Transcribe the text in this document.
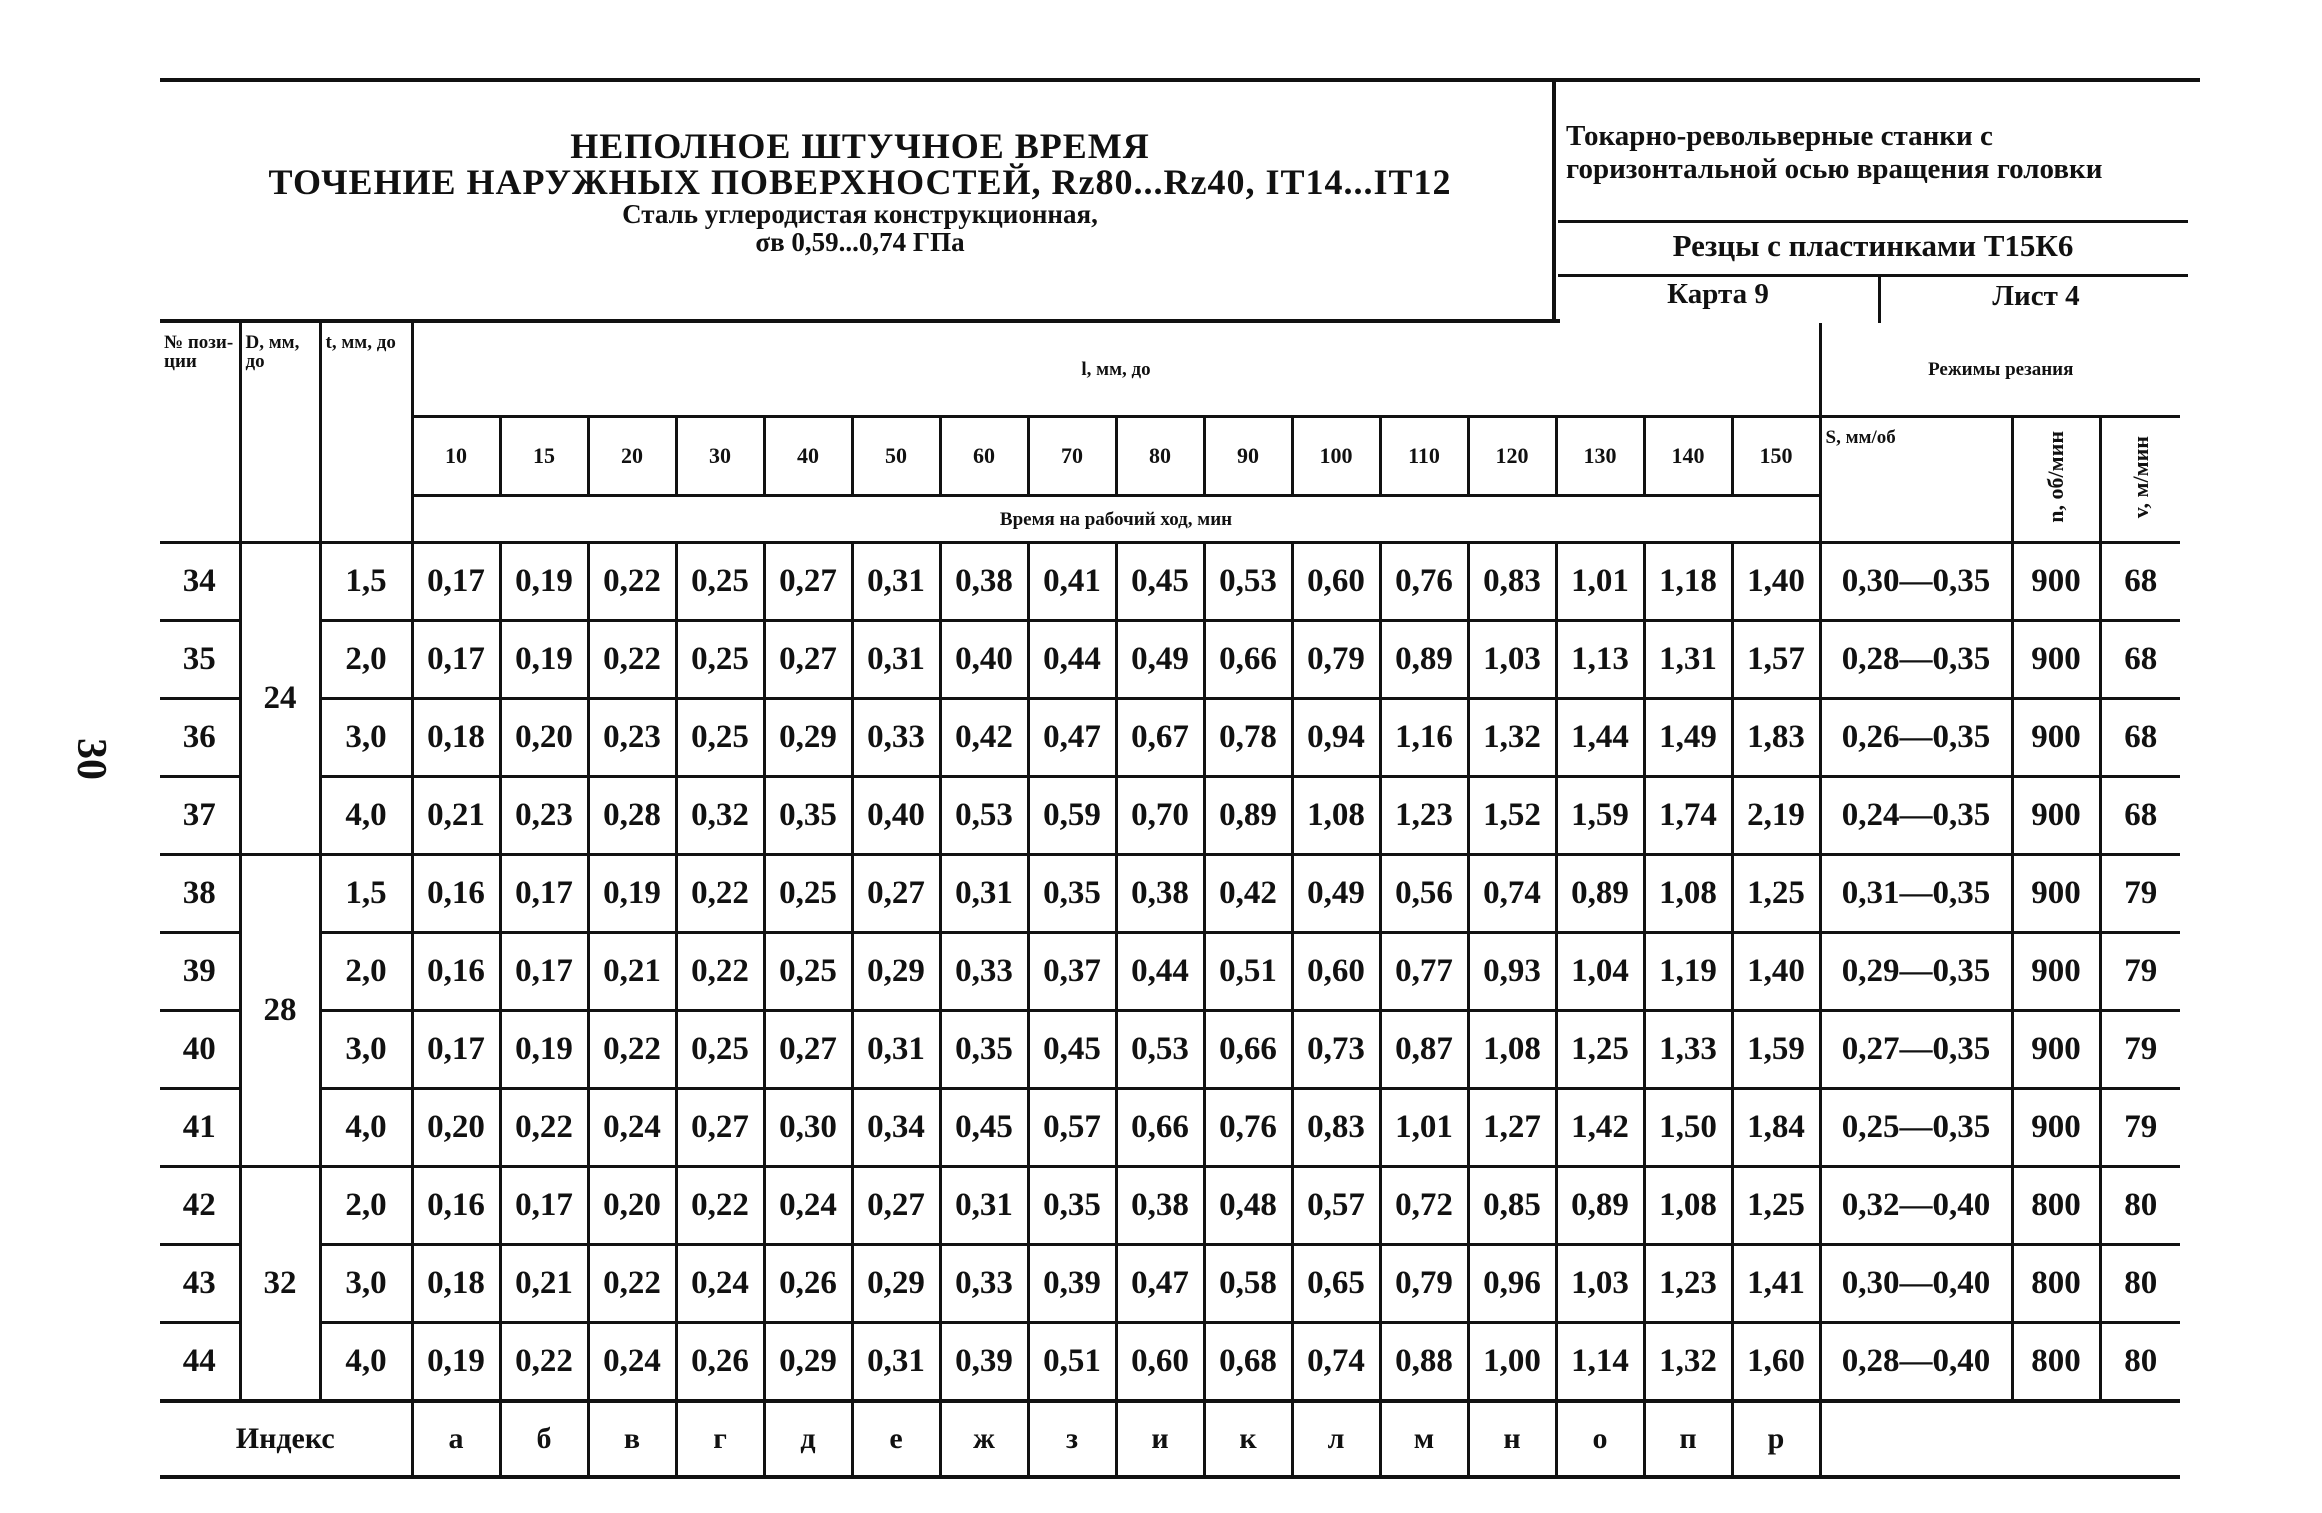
30
НЕПОЛНОЕ ШТУЧНОЕ ВРЕМЯ
ТОЧЕНИЕ НАРУЖНЫХ ПОВЕРХНОСТЕЙ, Rz80...Rz40, IT14...IT12
Сталь углеродистая конструкционная,
σв 0,59...0,74 ГПа
Токарно-револьверные станки с
горизонтальной осью вращения головки
Резцы с пластинками Т15К6
Карта 9	Лист 4
№ пози-ции	D, мм, до	t, мм, до	l, мм, до																Режимы резания		
			10	15	20	30	40	50	60	70	80	90	100	110	120	130	140	150	S, мм/об	n, об/мин	v, м/мин
			Время на рабочий ход, мин																		
34	24	1,5	0,17	0,19	0,22	0,25	0,27	0,31	0,38	0,41	0,45	0,53	0,60	0,76	0,83	1,01	1,18	1,40	0,30—0,35	900	68
35		2,0	0,17	0,19	0,22	0,25	0,27	0,31	0,40	0,44	0,49	0,66	0,79	0,89	1,03	1,13	1,31	1,57	0,28—0,35	900	68
36		3,0	0,18	0,20	0,23	0,25	0,29	0,33	0,42	0,47	0,67	0,78	0,94	1,16	1,32	1,44	1,49	1,83	0,26—0,35	900	68
37		4,0	0,21	0,23	0,28	0,32	0,35	0,40	0,53	0,59	0,70	0,89	1,08	1,23	1,52	1,59	1,74	2,19	0,24—0,35	900	68
38	28	1,5	0,16	0,17	0,19	0,22	0,25	0,27	0,31	0,35	0,38	0,42	0,49	0,56	0,74	0,89	1,08	1,25	0,31—0,35	900	79
39		2,0	0,16	0,17	0,21	0,22	0,25	0,29	0,33	0,37	0,44	0,51	0,60	0,77	0,93	1,04	1,19	1,40	0,29—0,35	900	79
40		3,0	0,17	0,19	0,22	0,25	0,27	0,31	0,35	0,45	0,53	0,66	0,73	0,87	1,08	1,25	1,33	1,59	0,27—0,35	900	79
41		4,0	0,20	0,22	0,24	0,27	0,30	0,34	0,45	0,57	0,66	0,76	0,83	1,01	1,27	1,42	1,50	1,84	0,25—0,35	900	79
42	32	2,0	0,16	0,17	0,20	0,22	0,24	0,27	0,31	0,35	0,38	0,48	0,57	0,72	0,85	0,89	1,08	1,25	0,32—0,40	800	80
43		3,0	0,18	0,21	0,22	0,24	0,26	0,29	0,33	0,39	0,47	0,58	0,65	0,79	0,96	1,03	1,23	1,41	0,30—0,40	800	80
44		4,0	0,19	0,22	0,24	0,26	0,29	0,31	0,39	0,51	0,60	0,68	0,74	0,88	1,00	1,14	1,32	1,60	0,28—0,40	800	80
Индекс			а	б	в	г	д	е	ж	з	и	к	л	м	н	о	п	р			
